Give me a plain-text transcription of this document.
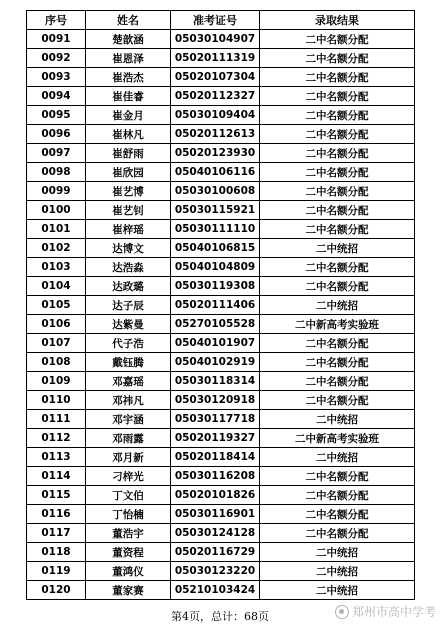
序号	姓名	准考证号	录取结果
0091	楚歆涵	05030104907	二中名额分配
0092	崔恩泽	05020111319	二中名额分配
0093	崔浩杰	05020107304	二中名额分配
0094	崔佳睿	05020112327	二中名额分配
0095	崔金月	05030109404	二中名额分配
0096	崔林凡	05020112613	二中名额分配
0097	崔舒雨	05020123930	二中名额分配
0098	崔欣园	05040106116	二中名额分配
0099	崔艺博	05030100608	二中名额分配
0100	崔艺钊	05030115921	二中名额分配
0101	崔梓瑶	05030111110	二中名额分配
0102	达博文	05040106815	二中统招
0103	达浩淼	05040104809	二中名额分配
0104	达政璐	05030119308	二中名额分配
0105	达子辰	05020111406	二中统招
0106	达紫曼	05270105528	二中新高考实验班
0107	代子浩	05040101907	二中名额分配
0108	戴钰腾	05040102919	二中名额分配
0109	邓嘉瑶	05030118314	二中名额分配
0110	邓祎凡	05030120918	二中名额分配
0111	邓宇涵	05030117718	二中统招
0112	邓雨露	05020119327	二中新高考实验班
0113	邓月新	05020118414	二中统招
0114	刁梓光	05030116208	二中名额分配
0115	丁文伯	05020101826	二中名额分配
0116	丁怡楠	05030116901	二中名额分配
0117	董浩宇	05030124128	二中名额分配
0118	董资程	05020116729	二中统招
0119	董鸿仪	05030123220	二中统招
0120	董家赛	05210103424	二中统招
第4页，总计：68页	郑州市高中学考
